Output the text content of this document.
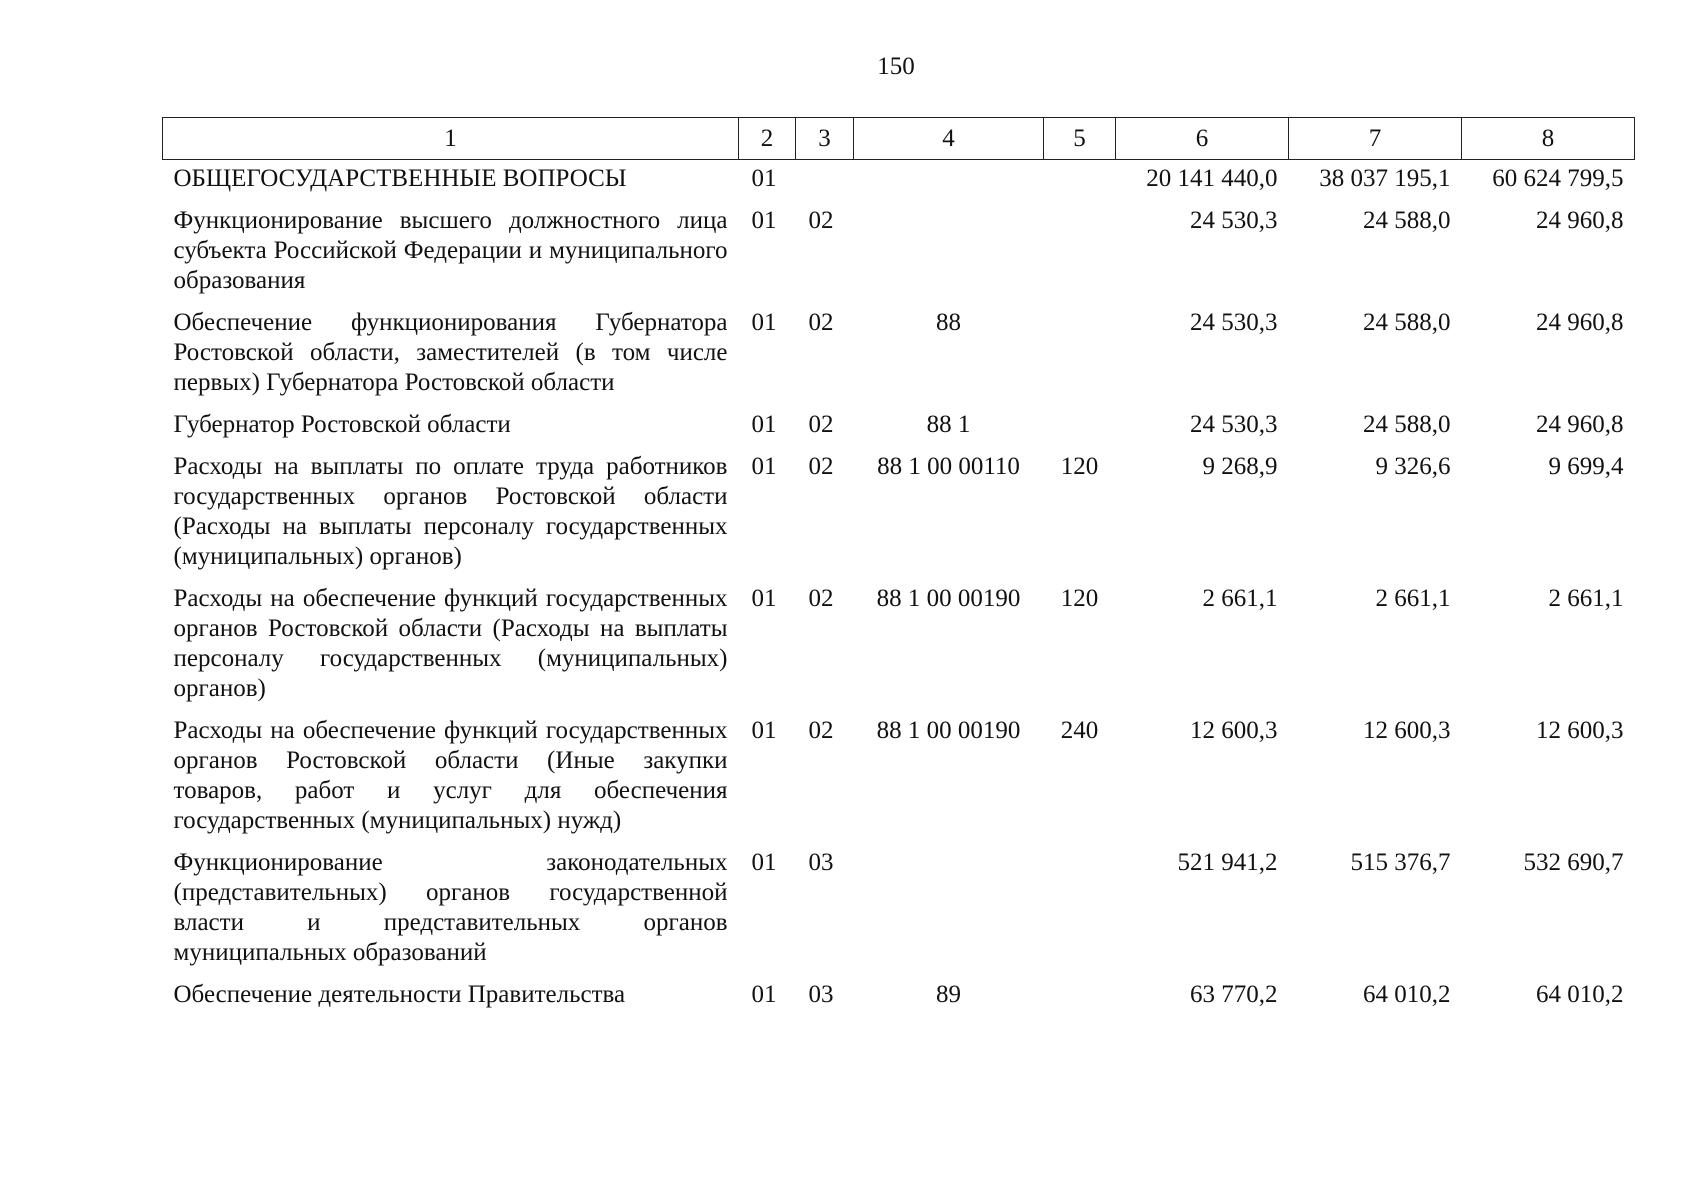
150
1	2	3	4	5	6	7	8
ОБЩЕГОСУДАРСТВЕННЫЕ ВОПРОСЫ	01				20 141 440,0	38 037 195,1	60 624 799,5
Функционирование высшего должностного лица субъекта Российской Федерации и муниципального образования	01	02			24 530,3	24 588,0	24 960,8
Обеспечение функционирования Губернатора Ростовской области, заместителей (в том числе первых) Губернатора Ростовской области	01	02	88		24 530,3	24 588,0	24 960,8
Губернатор Ростовской области	01	02	88 1		24 530,3	24 588,0	24 960,8
Расходы на выплаты по оплате труда работников государственных органов Ростовской области (Расходы на выплаты персоналу государственных (муниципальных) органов)	01	02	88 1 00 00110	120	9 268,9	9 326,6	9 699,4
Расходы на обеспечение функций государственных органов Ростовской области (Расходы на выплаты персоналу государственных (муниципальных) органов)	01	02	88 1 00 00190	120	2 661,1	2 661,1	2 661,1
Расходы на обеспечение функций государственных органов Ростовской области (Иные закупки товаров, работ и услуг для обеспечения государственных (муниципальных) нужд)	01	02	88 1 00 00190	240	12 600,3	12 600,3	12 600,3
Функционирование законодательных (представительных) органов государственной власти и представительных органов муниципальных образований	01	03			521 941,2	515 376,7	532 690,7
Обеспечение деятельности Правительства	01	03	89		63 770,2	64 010,2	64 010,2
